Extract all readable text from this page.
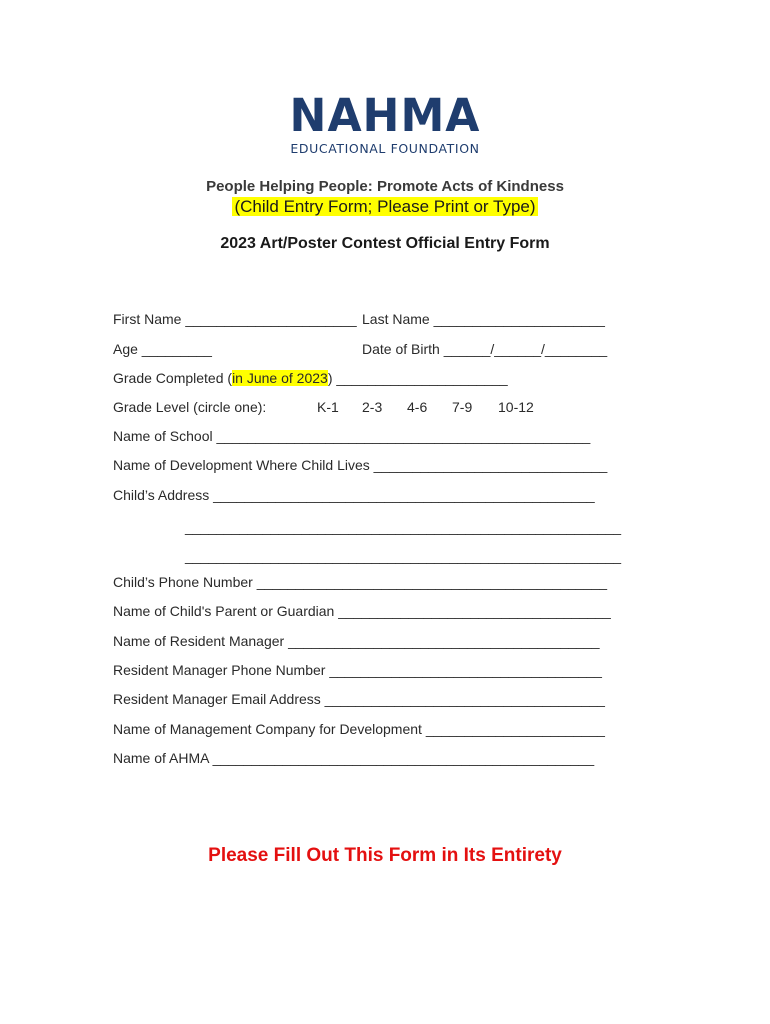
NAHMA
EDUCATIONAL FOUNDATION
People Helping People: Promote Acts of Kindness
(Child Entry Form; Please Print or Type)
2023 Art/Poster Contest Official Entry Form
First Name ______________________ Last Name ______________________
Age _________	Date of Birth ______/______/________
Grade Completed (in June of 2023) ______________________
Grade Level (circle one):	K-1 2-3 4-6 7-9 10-12
Name of School ________________________________________________
Name of Development Where Child Lives ______________________________
Child’s Address _________________________________________________
________________________________________________________
________________________________________________________
Child’s Phone Number _____________________________________________
Name of Child's Parent or Guardian ___________________________________
Name of Resident Manager ________________________________________
Resident Manager Phone Number ___________________________________
Resident Manager Email Address ____________________________________
Name of Management Company for Development _______________________
Name of AHMA _________________________________________________
Please Fill Out This Form in Its Entirety
